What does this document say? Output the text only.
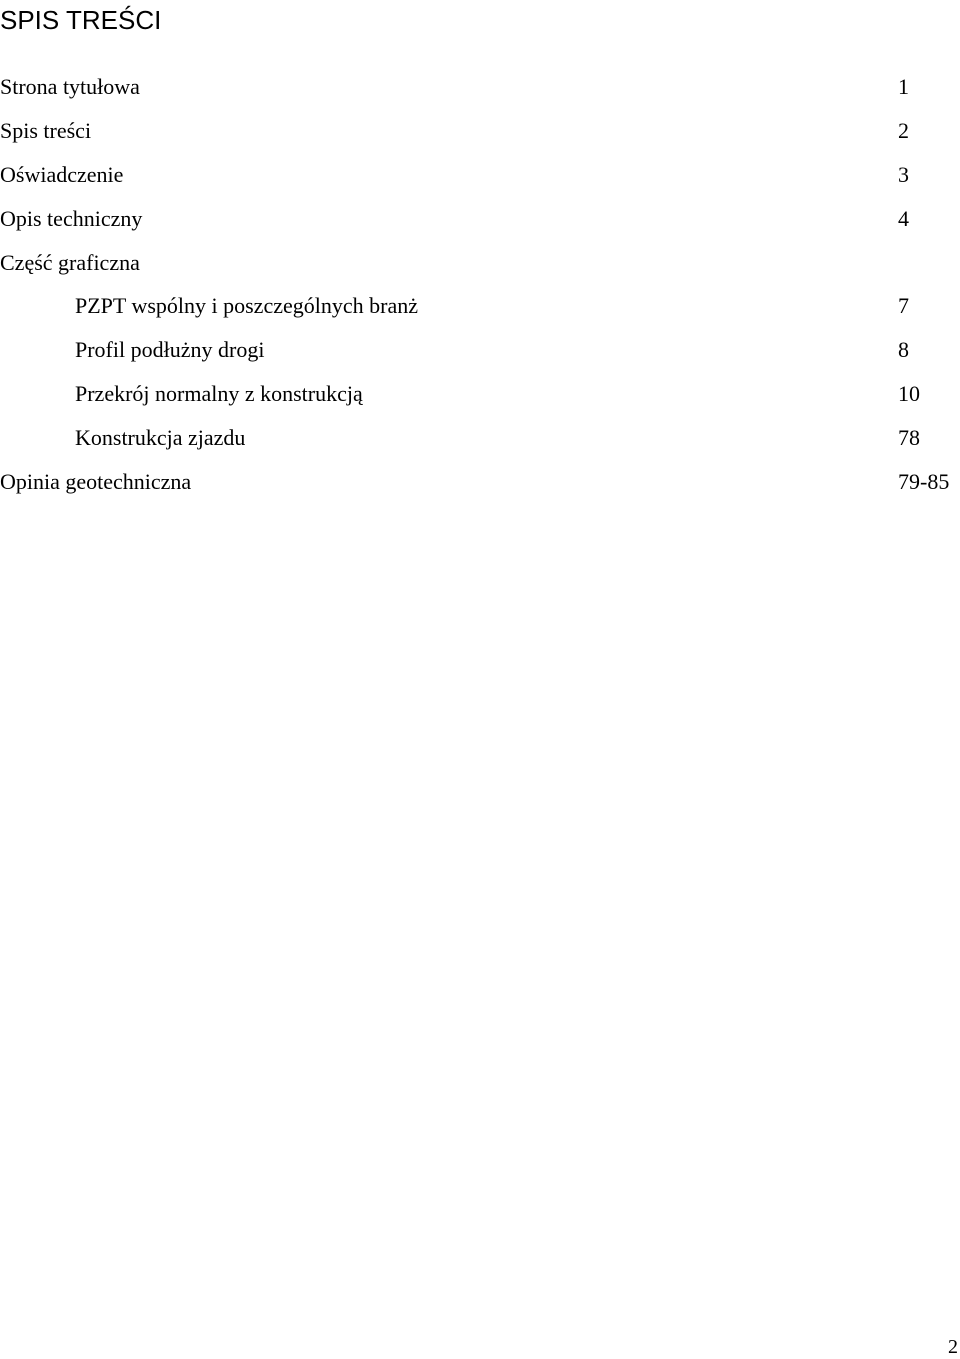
SPIS TREŚCI
Strona tytułowa	1
Spis treści	2
Oświadczenie	3
Opis techniczny	4
Część graficzna
PZPT wspólny i poszczególnych branż	7
Profil podłużny drogi	8
Przekrój normalny z konstrukcją	10
Konstrukcja zjazdu	78
Opinia geotechniczna	79-85
2
